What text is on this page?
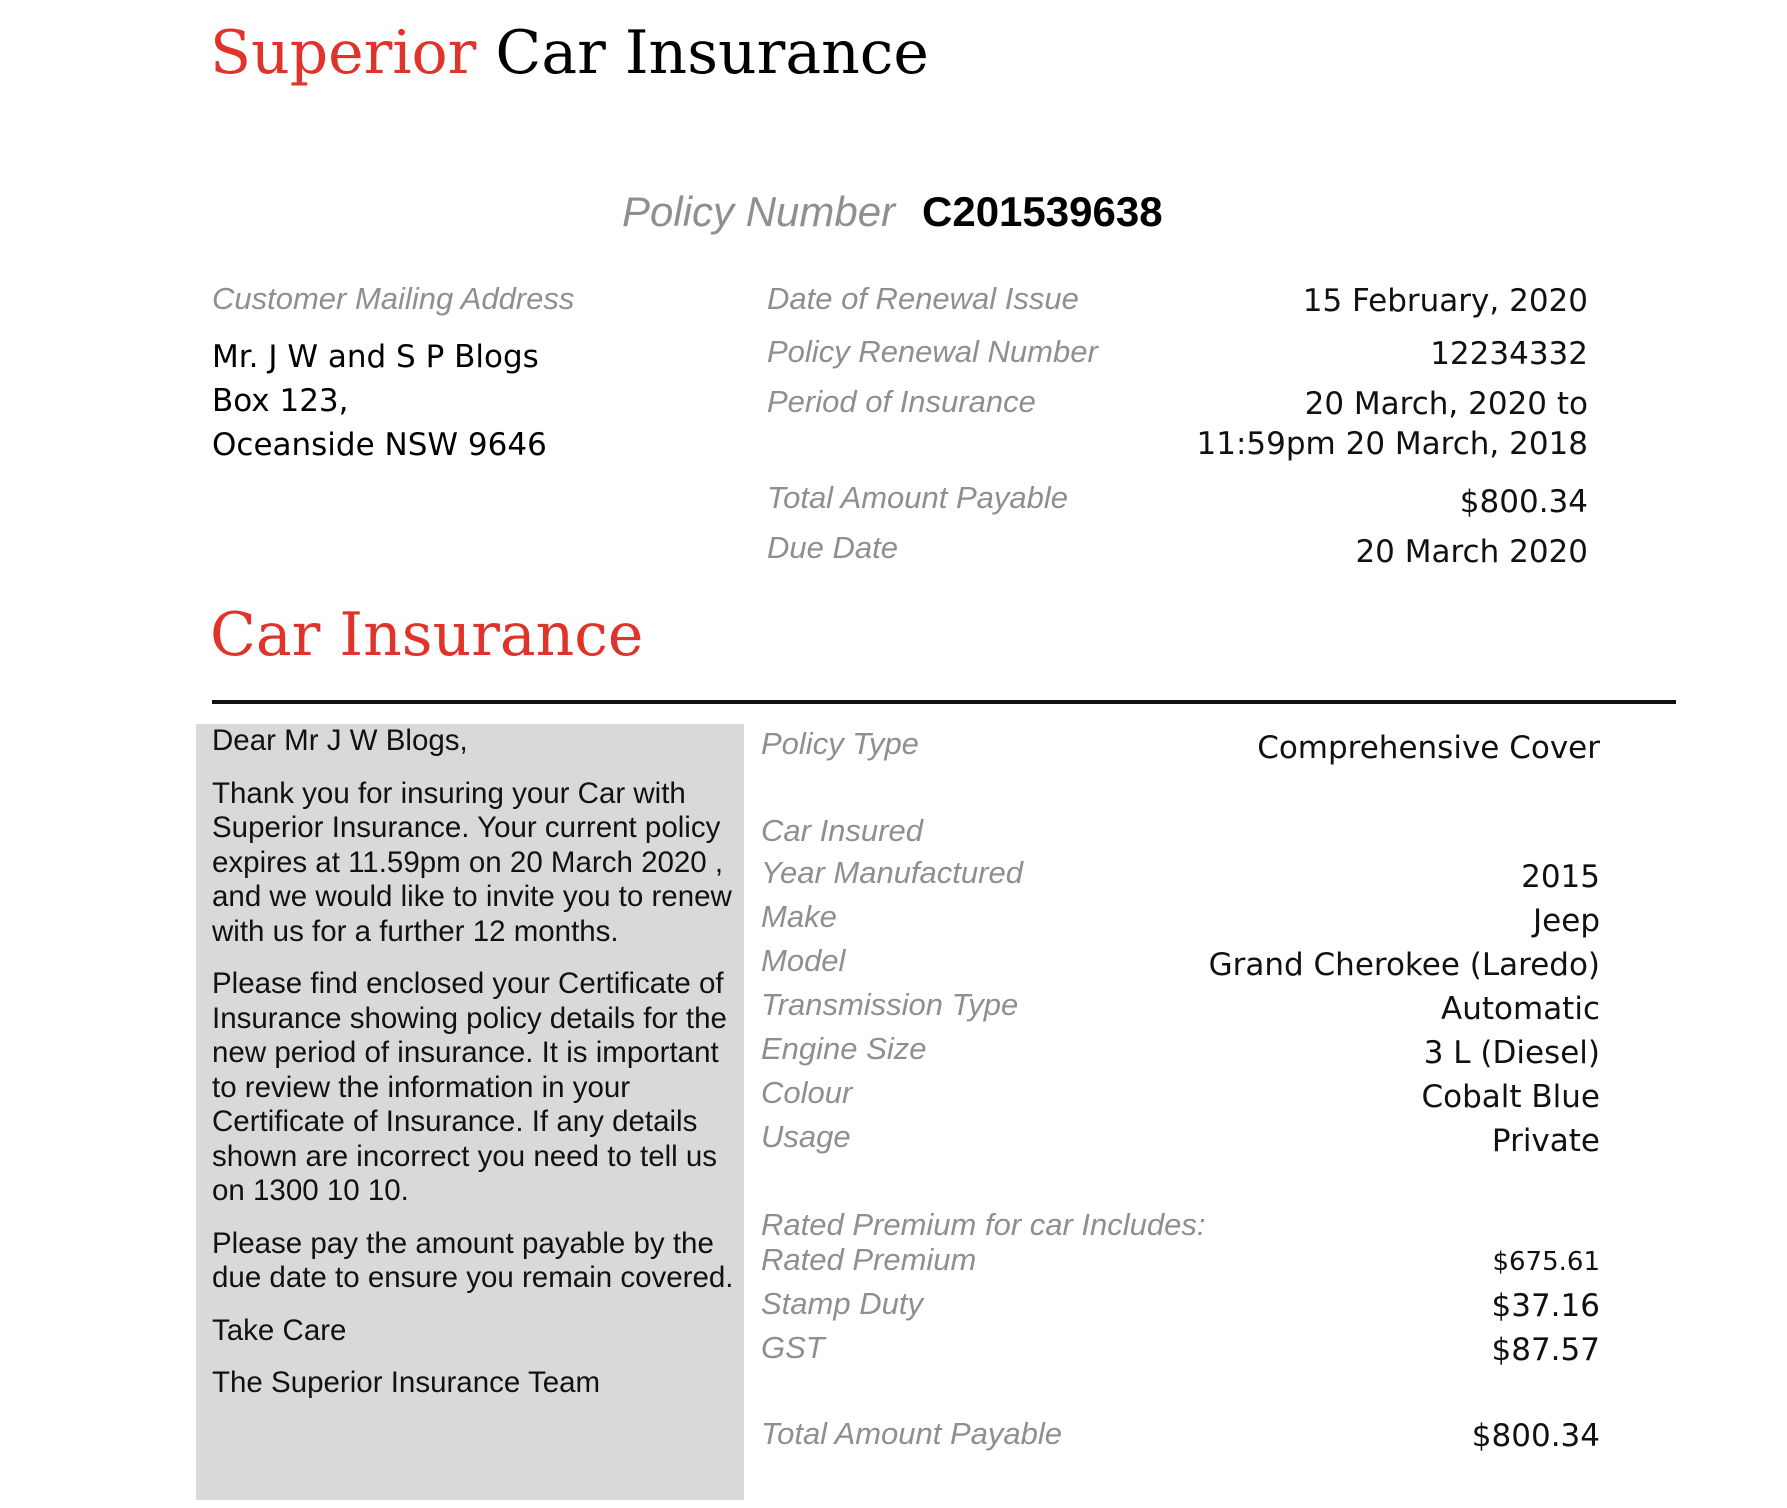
Superior Car Insurance
Policy Number C201539638
Customer Mailing Address
Mr. J W and S P Blogs
Box 123,
Oceanside NSW 9646
Date of Renewal Issue	15 February, 2020
Policy Renewal Number	12234332
Period of Insurance	20 March, 2020 to
11:59pm 20 March, 2018
Total Amount Payable	$800.34
Due Date	20 March 2020
Car Insurance

Dear Mr J W Blogs,

Thank you for insuring your Car with Superior Insurance. Your current policy expires at 11.59pm on 20 March 2020 , and we would like to invite you to renew with us for a further 12 months.

Please find enclosed your Certificate of Insurance showing policy details for the new period of insurance. It is important to review the information in your Certificate of Insurance. If any details shown are incorrect you need to tell us on 1300 10 10.

Please pay the amount payable by the due date to ensure you remain covered.

Take Care

The Superior Insurance Team

Policy Type	Comprehensive Cover
Car Insured
Year Manufactured	2015
Make	Jeep
Model	Grand Cherokee (Laredo)
Transmission Type	Automatic
Engine Size	3 L (Diesel)
Colour	Cobalt Blue
Usage	Private
Rated Premium for car Includes:
Rated Premium	$675.61
Stamp Duty	$37.16
GST	$87.57
Total Amount Payable	$800.34
